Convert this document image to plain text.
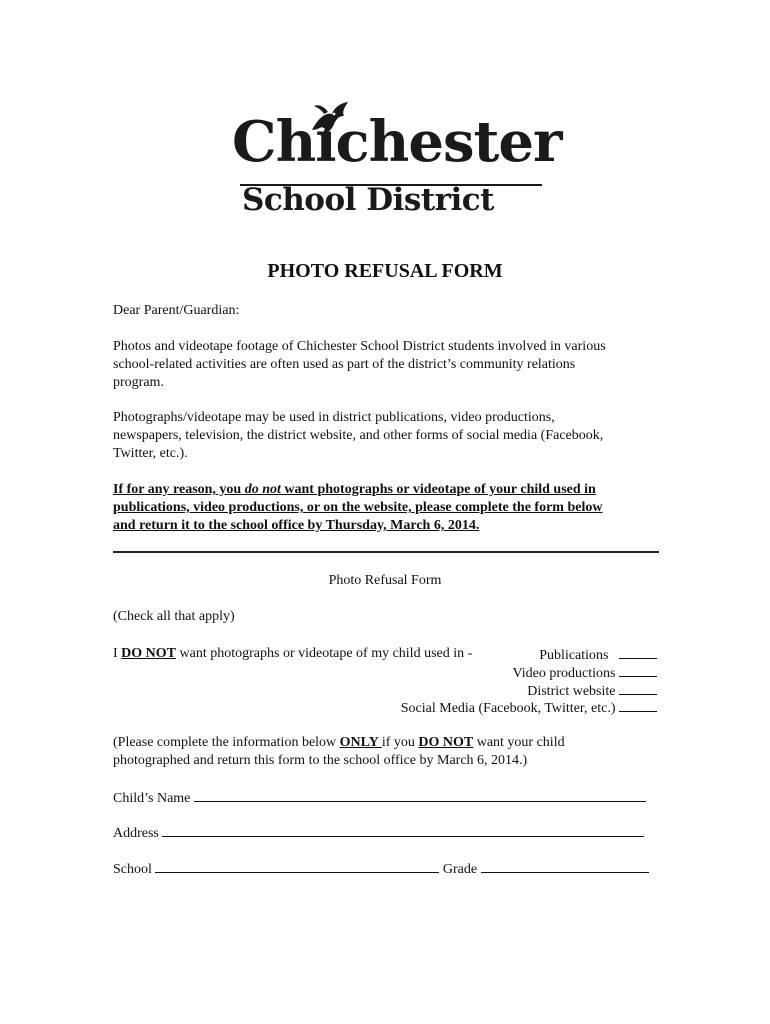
Chichester
School District
PHOTO REFUSAL FORM

Dear Parent/Guardian:

Photos and videotape footage of Chichester School District students involved in various
school-related activities are often used as part of the district’s community relations
program.

Photographs/videotape may be used in district publications, video productions,
newspapers, television, the district website, and other forms of social media (Facebook,
Twitter, etc.).

If for any reason, you do not want photographs or videotape of your child used in
publications, video productions, or on the website, please complete the form below
and return it to the school office by Thursday, March 6, 2014.

Photo Refusal Form

(Check all that apply)
I DO NOT want photographs or videotape of my child used in -	Publications
Video productions
District website
Social Media (Facebook, Twitter, etc.)

(Please complete the information below ONLY if you DO NOT want your child
photographed and return this form to the school office by March 6, 2014.)

Child’s Name
Address
School	Grade
